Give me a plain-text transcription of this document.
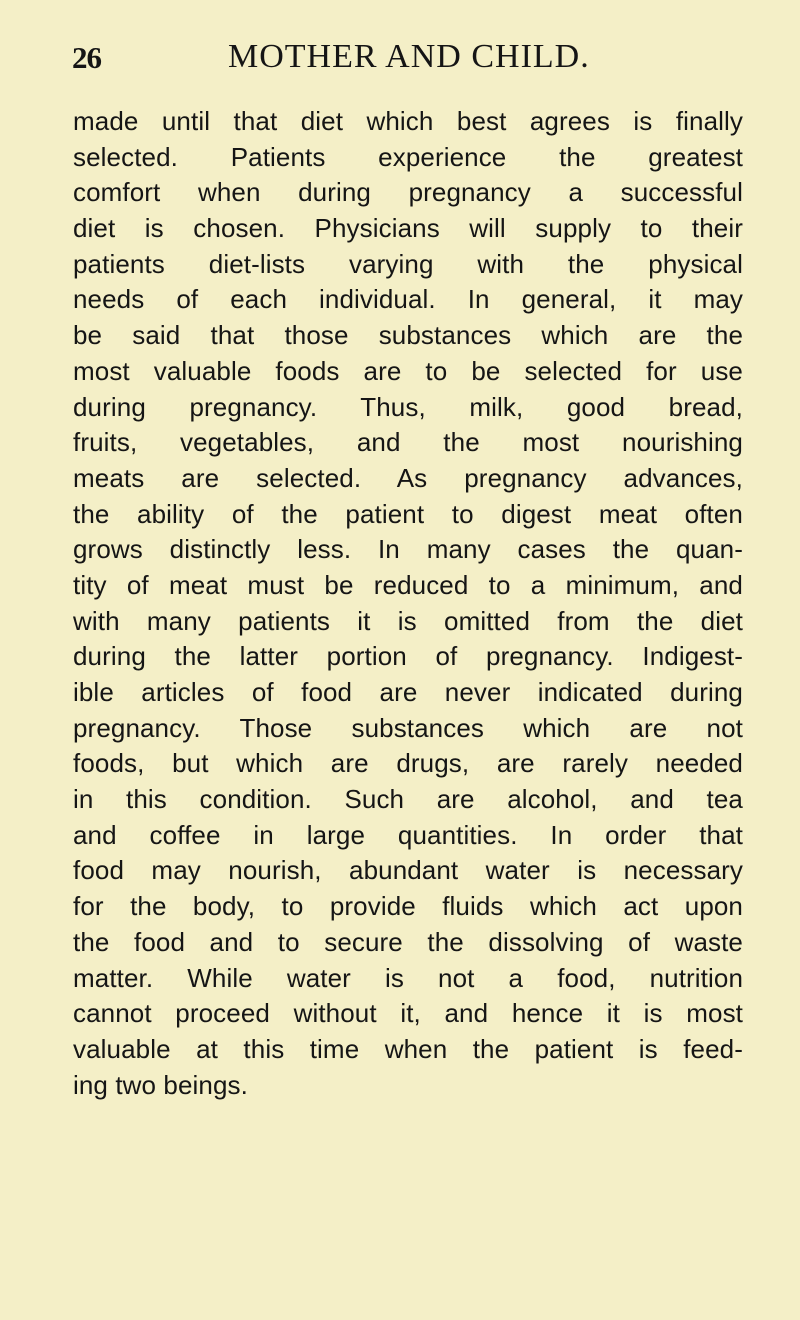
26	MOTHER AND CHILD.
made until that diet which best agrees is finally
selected. Patients experience the greatest
comfort when during pregnancy a successful
diet is chosen. Physicians will supply to their
patients diet-lists varying with the physical
needs of each individual. In general, it may
be said that those substances which are the
most valuable foods are to be selected for use
during pregnancy. Thus, milk, good bread,
fruits, vegetables, and the most nourishing
meats are selected. As pregnancy advances,
the ability of the patient to digest meat often
grows distinctly less. In many cases the quan-
tity of meat must be reduced to a minimum, and
with many patients it is omitted from the diet
during the latter portion of pregnancy. Indigest-
ible articles of food are never indicated during
pregnancy. Those substances which are not
foods, but which are drugs, are rarely needed
in this condition. Such are alcohol, and tea
and coffee in large quantities. In order that
food may nourish, abundant water is necessary
for the body, to provide fluids which act upon
the food and to secure the dissolving of waste
matter. While water is not a food, nutrition
cannot proceed without it, and hence it is most
valuable at this time when the patient is feed-
ing two beings.
